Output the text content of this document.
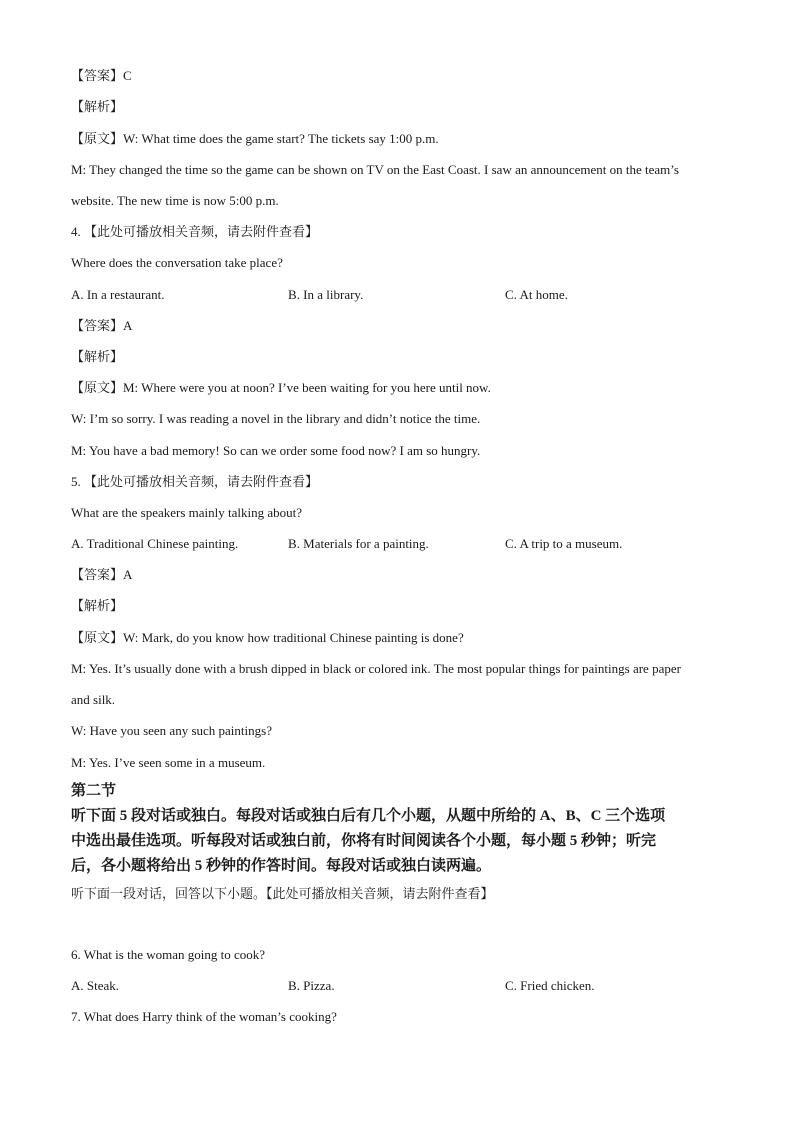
【答案】C
【解析】
【原文】W: What time does the game start? The tickets say 1:00 p.m.
M: They changed the time so the game can be shown on TV on the East Coast. I saw an announcement on the team’s
website. The new time is now 5:00 p.m.
4. 【此处可播放相关音频，请去附件查看】
Where does the conversation take place?
A. In a restaurant.	B. In a library.	C. At home.
【答案】A
【解析】
【原文】M: Where were you at noon? I’ve been waiting for you here until now.
W: I’m so sorry. I was reading a novel in the library and didn’t notice the time.
M: You have a bad memory! So can we order some food now? I am so hungry.
5. 【此处可播放相关音频，请去附件查看】
What are the speakers mainly talking about?
A. Traditional Chinese painting.	B. Materials for a painting.	C. A trip to a museum.
【答案】A
【解析】
【原文】W: Mark, do you know how traditional Chinese painting is done?
M: Yes. It’s usually done with a brush dipped in black or colored ink. The most popular things for paintings are paper
and silk.
W: Have you seen any such paintings?
M: Yes. I’ve seen some in a museum.
第二节
听下面 5 段对话或独白。每段对话或独白后有几个小题，从题中所给的 A、B、C 三个选项
中选出最佳选项。听每段对话或独白前，你将有时间阅读各个小题，每小题 5 秒钟；听完
后，各小题将给出 5 秒钟的作答时间。每段对话或独白读两遍。
听下面一段对话，回答以下小题。【此处可播放相关音频，请去附件查看】
6. What is the woman going to cook?
A. Steak.	B. Pizza.	C. Fried chicken.
7. What does Harry think of the woman’s cooking?
